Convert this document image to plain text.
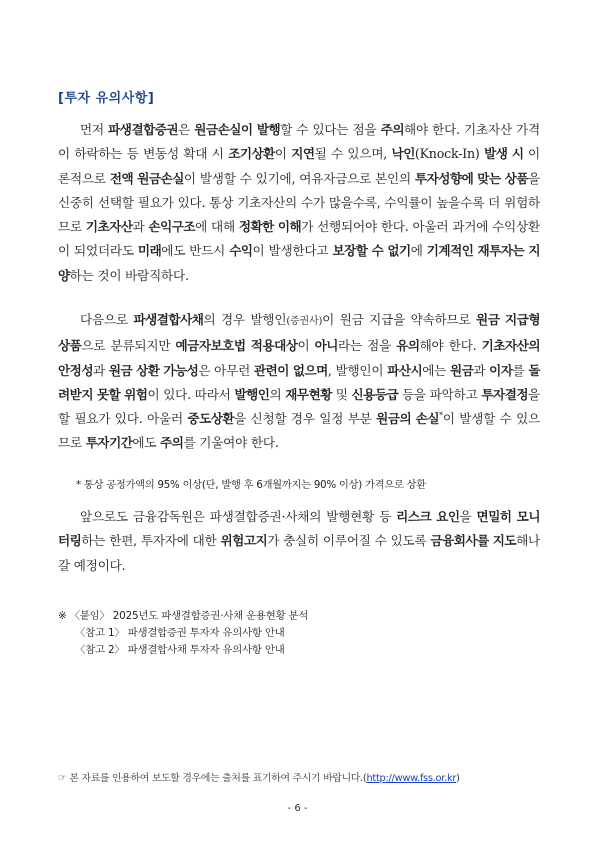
[투자 유의사항]
먼저 파생결합증권은 원금손실이 발행할 수 있다는 점을 주의해야 한다. 기초자산 가격이 하락하는 등 변동성 확대 시 조기상환이 지연될 수 있으며, 낙인(Knock-In) 발생 시 이론적으로 전액 원금손실이 발생할 수 있기에, 여유자금으로 본인의 투자성향에 맞는 상품을 신중히 선택할 필요가 있다. 통상 기초자산의 수가 많을수록, 수익률이 높을수록 더 위험하므로 기초자산과 손익구조에 대해 정확한 이해가 선행되어야 한다. 아울러 과거에 수익상환이 되었더라도 미래에도 반드시 수익이 발생한다고 보장할 수 없기에 기계적인 재투자는 지양하는 것이 바람직하다.
다음으로 파생결합사채의 경우 발행인(증권사)이 원금 지급을 약속하므로 원금 지급형 상품으로 분류되지만 예금자보호법 적용대상이 아니라는 점을 유의해야 한다. 기초자산의 안정성과 원금 상환 가능성은 아무런 관련이 없으며, 발행인이 파산시에는 원금과 이자를 돌려받지 못할 위험이 있다. 따라서 발행인의 재무현황 및 신용등급 등을 파악하고 투자결정을 할 필요가 있다. 아울러 중도상환을 신청할 경우 일정 부분 원금의 손실*이 발생할 수 있으므로 투자기간에도 주의를 기울여야 한다.
* 통상 공정가액의 95% 이상(단, 발행 후 6개월까지는 90% 이상) 가격으로 상환
앞으로도 금융감독원은 파생결합증권·사채의 발행현황 등 리스크 요인을 면밀히 모니터링하는 한편, 투자자에 대한 위험고지가 충실히 이루어질 수 있도록 금융회사를 지도해나갈 예정이다.
※ 〈붙임〉 2025년도 파생결합증권·사채 운용현황 분석
〈참고 1〉 파생결합증권 투자자 유의사항 안내
〈참고 2〉 파생결합사채 투자자 유의사항 안내
☞ 본 자료를 인용하여 보도할 경우에는 출처를 표기하여 주시기 바랍니다.(http://www.fss.or.kr)
- 6 -
